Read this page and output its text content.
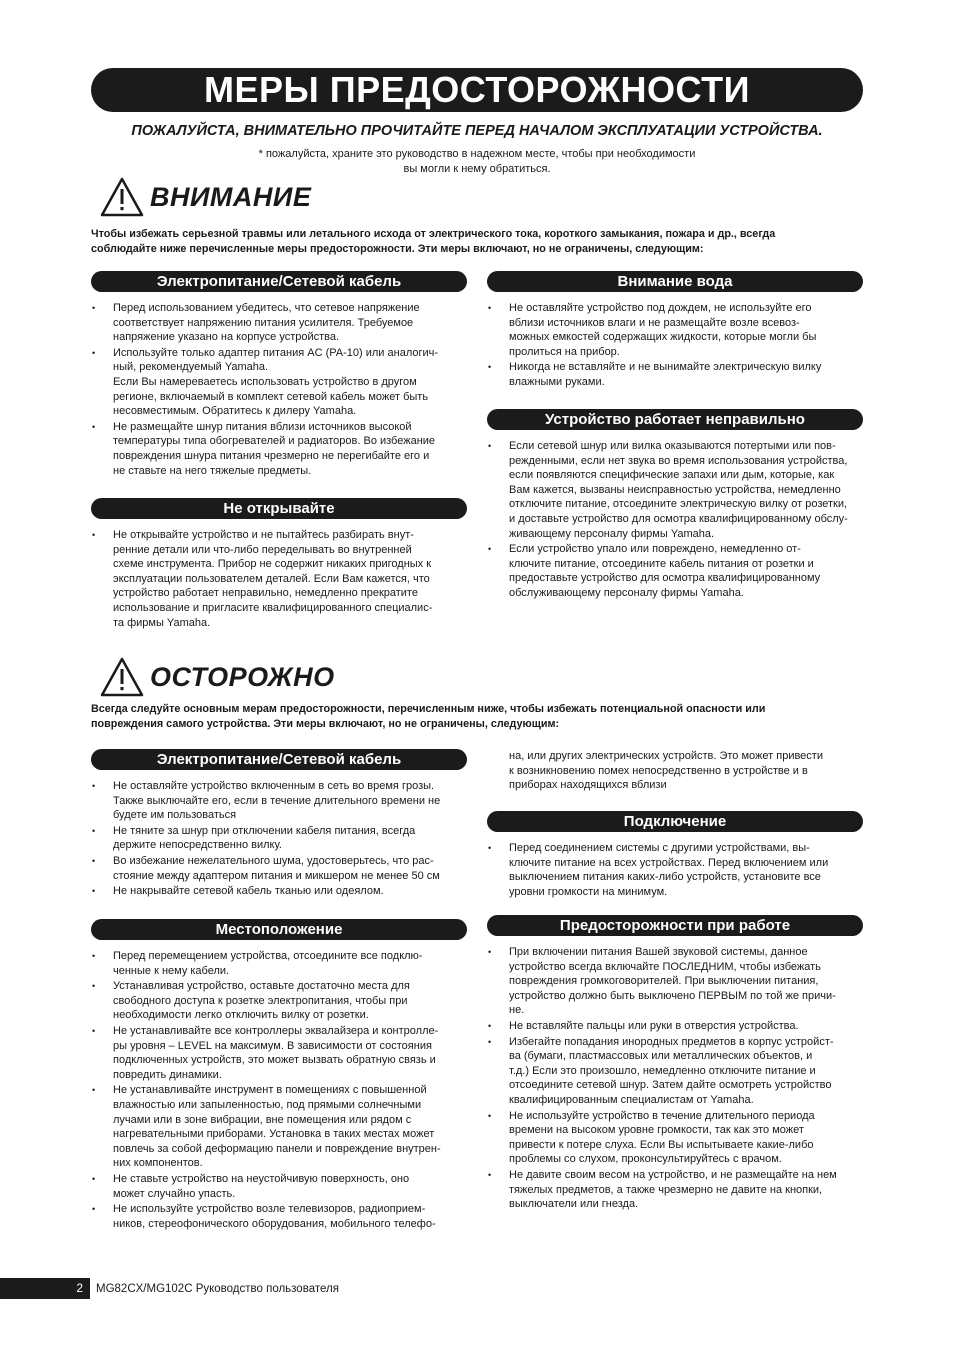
МЕРЫ ПРЕДОСТОРОЖНОСТИ
ПОЖАЛУЙСТА, ВНИМАТЕЛЬНО ПРОЧИТАЙТЕ ПЕРЕД НАЧАЛОМ ЭКСПЛУАТАЦИИ УСТРОЙСТВА.
* пожалуйста, храните это руководство в надежном месте, чтобы при необходимости
вы могли к нему обратиться.
ВНИМАНИЕ
Чтобы избежать серьезной травмы или летального исхода от электрического тока, короткого замыкания, пожара и др., всегда
соблюдайте ниже перечисленные меры предосторожности. Эти меры включают, но не ограничены, следующим:
Электропитание/Сетевой кабель
• Перед использованием убедитесь, что сетевое напряжение
соответствует напряжению питания усилителя. Требуемое
напряжение указано на корпусе устройства.
• Используйте только адаптер питания AC (PA-10) или аналогич-
ный, рекомендуемый Yamaha.
Если Вы намереваетесь использовать устройство в другом
регионе, включаемый в комплект сетевой кабель может быть
несовместимым. Обратитесь к дилеру Yamaha.
• Не размещайте шнур питания вблизи источников высокой
температуры типа обогревателей и радиаторов. Во избежание
повреждения шнура питания чрезмерно не перегибайте его и
не ставьте на него тяжелые предметы.
Не открывайте
• Не открывайте устройство и не пытайтесь разбирать внут-
ренние детали или что-либо переделывать во внутренней
схеме инструмента. Прибор не содержит никаких пригодных к
эксплуатации пользователем деталей. Если Вам кажется, что
устройство работает неправильно, немедленно прекратите
использование и пригласите квалифицированного специалис-
та фирмы Yamaha.
Внимание вода
• Не оставляйте устройство под дождем, не используйте его
вблизи источников влаги и не размещайте возле всевоз-
можных емкостей содержащих жидкости, которые могли бы
пролиться на прибор.
• Никогда не вставляйте и не вынимайте электрическую вилку
влажными руками.
Устройство работает неправильно
• Если сетевой шнур или вилка оказываются потертыми или пов-
режденными, если нет звука во время использования устройства,
если появляются специфические запахи или дым, которые, как
Вам кажется, вызваны неисправностью устройства, немедленно
отключите питание, отсоедините электрическую вилку от розетки,
и доставьте устройство для осмотра квалифицированному обслу-
живающему персоналу фирмы Yamaha.
• Если устройство упало или повреждено, немедленно от-
ключите питание, отсоедините кабель питания от розетки и
предоставьте устройство для осмотра квалифицированному
обслуживающему персоналу фирмы Yamaha.
ОСТОРОЖНО
Всегда следуйте основным мерам предосторожности, перечисленным ниже, чтобы избежать потенциальной опасности или
повреждения самого устройства. Эти меры включают, но не ограничены, следующим:
Электропитание/Сетевой кабель
• Не оставляйте устройство включенным в сеть во время грозы.
Также выключайте его, если в течение длительного времени не
будете им пользоваться
• Не тяните за шнур при отключении кабеля питания, всегда
держите непосредственно вилку.
• Во избежание нежелательного шума, удостоверьтесь, что рас-
стояние между адаптером питания и микшером не менее 50 см
• Не накрывайте сетевой кабель тканью или одеялом.
Местоположение
• Перед перемещением устройства, отсоедините все подклю-
ченные к нему кабели.
• Устанавливая устройство, оставьте достаточно места для
свободного доступа к розетке электропитания, чтобы при
необходимости легко отключить вилку от розетки.
• Не устанавливайте все контроллеры эквалайзера и контролле-
ры уровня – LEVEL на максимум. В зависимости от состояния
подключенных устройств, это может вызвать обратную связь и
повредить динамики.
• Не устанавливайте инструмент в помещениях с повышенной
влажностью или запыленностью, под прямыми солнечными
лучами или в зоне вибрации, вне помещения или рядом с
нагревательными приборами. Установка в таких местах может
повлечь за собой деформацию панели и повреждение внутрен-
них компонентов.
• Не ставьте устройство на неустойчивую поверхность, оно
может случайно упасть.
• Не используйте устройство возле телевизоров, радиоприем-
ников, стереофонического оборудования, мобильного телефо-
на, или других электрических устройств. Это может привести
к возникновению помех непосредственно в устройстве и в
приборах находящихся вблизи
Подключение
• Перед соединением системы с другими устройствами, вы-
ключите питание на всех устройствах. Перед включением или
выключением питания каких-либо устройств, установите все
уровни громкости на минимум.
Предосторожности при работе
• При включении питания Вашей звуковой системы, данное
устройство всегда включайте ПОСЛЕДНИМ, чтобы избежать
повреждения громкоговорителей. При выключении питания,
устройство должно быть выключено ПЕРВЫМ по той же причи-
не.
• Не вставляйте пальцы или руки в отверстия устройства.
• Избегайте попадания инородных предметов в корпус устройст-
ва (бумаги, пластмассовых или металлических объектов, и
т.д.) Если это произошло, немедленно отключите питание и
отсоедините сетевой шнур. Затем дайте осмотреть устройство
квалифицированным специалистам от Yamaha.
• Не используйте устройство в течение длительного периода
времени на высоком уровне громкости, так как это может
привести к потере слуха. Если Вы испытываете какие-либо
проблемы со слухом, проконсультируйтесь с врачом.
• Не давите своим весом на устройство, и не размещайте на нем
тяжелых предметов, а также чрезмерно не давите на кнопки,
выключатели или гнезда.
2	MG82CX/MG102C Руководство пользователя
